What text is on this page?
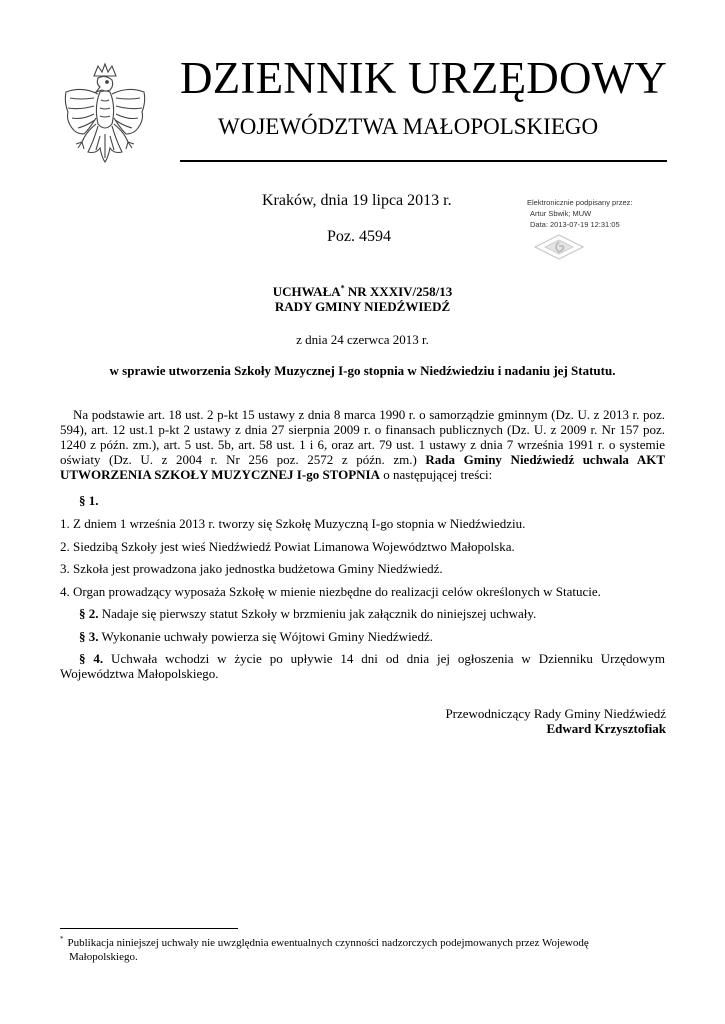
DZIENNIK URZĘDOWY
WOJEWÓDZTWA MAŁOPOLSKIEGO
Kraków, dnia 19 lipca 2013 r.
Poz. 4594
Elektronicznie podpisany przez:
Artur Sbwik; MUW
Data: 2013-07-19 12:31:05
UCHWAŁA* NR XXXIV/258/13
RADY GMINY NIEDŹWIEDŹ
z dnia 24 czerwca 2013 r.
w sprawie utworzenia Szkoły Muzycznej I-go stopnia w Niedźwiedziu i nadaniu jej Statutu.
Na podstawie art. 18 ust. 2 p-kt 15 ustawy z dnia 8 marca 1990 r. o samorządzie gminnym (Dz. U. z 2013 r. poz. 594), art. 12 ust.1 p-kt 2 ustawy z dnia 27 sierpnia 2009 r. o finansach publicznych (Dz. U. z 2009 r. Nr 157 poz. 1240 z późn. zm.), art. 5 ust. 5b, art. 58 ust. 1 i 6, oraz art. 79 ust. 1 ustawy z dnia 7 września 1991 r. o systemie oświaty (Dz. U. z 2004 r. Nr 256 poz. 2572 z późn. zm.) Rada Gminy Niedźwiedź uchwala AKT UTWORZENIA SZKOŁY MUZYCZNEJ I-go STOPNIA o następującej treści:
§ 1.
1. Z dniem 1 września 2013 r. tworzy się Szkołę Muzyczną I-go stopnia w Niedźwiedziu.
2. Siedzibą Szkoły jest wieś Niedźwiedź Powiat Limanowa Województwo Małopolska.
3. Szkoła jest prowadzona jako jednostka budżetowa Gminy Niedźwiedź.
4. Organ prowadzący wyposaża Szkołę w mienie niezbędne do realizacji celów określonych w Statucie.
§ 2. Nadaje się pierwszy statut Szkoły w brzmieniu jak załącznik do niniejszej uchwały.
§ 3. Wykonanie uchwały powierza się Wójtowi Gminy Niedźwiedź.
§ 4. Uchwała wchodzi w życie po upływie 14 dni od dnia jej ogłoszenia w Dzienniku Urzędowym Województwa Małopolskiego.
Przewodniczący Rady Gminy Niedźwiedź
Edward Krzysztofiak
* Publikacja niniejszej uchwały nie uwzględnia ewentualnych czynności nadzorczych podejmowanych przez Wojewodę
Małopolskiego.
